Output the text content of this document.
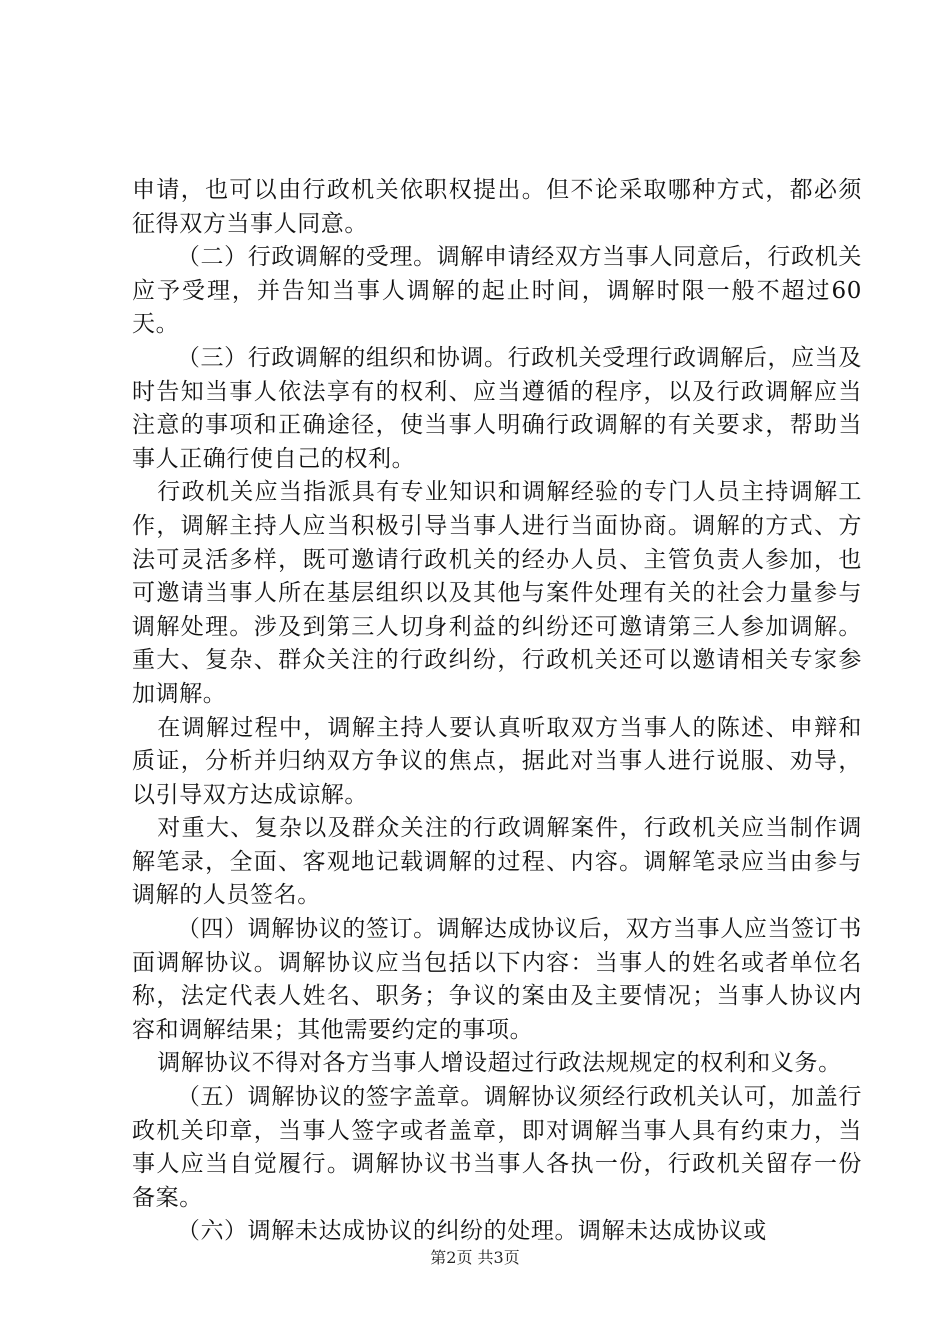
申请，也可以由行政机关依职权提出。但不论采取哪种方式，都必须征得双方当事人同意。

（二）行政调解的受理。调解申请经双方当事人同意后，行政机关应予受理，并告知当事人调解的起止时间，调解时限一般不超过60天。

（三）行政调解的组织和协调。行政机关受理行政调解后，应当及时告知当事人依法享有的权利、应当遵循的程序，以及行政调解应当注意的事项和正确途径，使当事人明确行政调解的有关要求，帮助当事人正确行使自己的权利。

行政机关应当指派具有专业知识和调解经验的专门人员主持调解工作，调解主持人应当积极引导当事人进行当面协商。调解的方式、方法可灵活多样，既可邀请行政机关的经办人员、主管负责人参加，也可邀请当事人所在基层组织以及其他与案件处理有关的社会力量参与调解处理。涉及到第三人切身利益的纠纷还可邀请第三人参加调解。重大、复杂、群众关注的行政纠纷，行政机关还可以邀请相关专家参加调解。

在调解过程中，调解主持人要认真听取双方当事人的陈述、申辩和质证，分析并归纳双方争议的焦点，据此对当事人进行说服、劝导，以引导双方达成谅解。

对重大、复杂以及群众关注的行政调解案件，行政机关应当制作调解笔录，全面、客观地记载调解的过程、内容。调解笔录应当由参与调解的人员签名。

（四）调解协议的签订。调解达成协议后，双方当事人应当签订书面调解协议。调解协议应当包括以下内容：当事人的姓名或者单位名称，法定代表人姓名、职务；争议的案由及主要情况；当事人协议内容和调解结果；其他需要约定的事项。

调解协议不得对各方当事人增设超过行政法规规定的权利和义务。

（五）调解协议的签字盖章。调解协议须经行政机关认可，加盖行政机关印章，当事人签字或者盖章，即对调解当事人具有约束力，当事人应当自觉履行。调解协议书当事人各执一份，行政机关留存一份备案。

（六）调解未达成协议的纠纷的处理。调解未达成协议或

第2页 共3页
